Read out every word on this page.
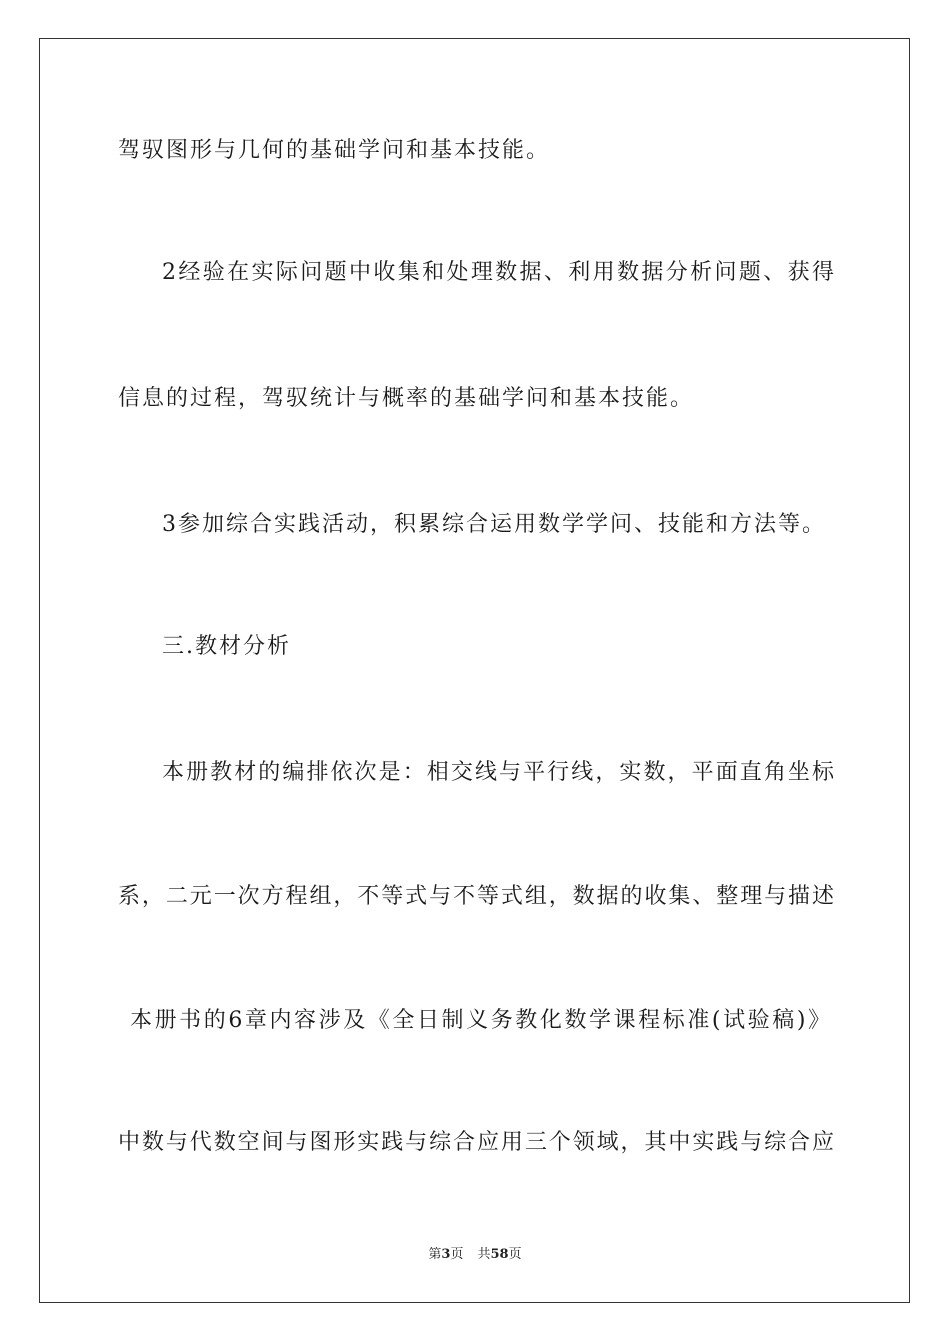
驾驭图形与几何的基础学问和基本技能。
2经验在实际问题中收集和处理数据、利用数据分析问题、获得
信息的过程，驾驭统计与概率的基础学问和基本技能。
3参加综合实践活动，积累综合运用数学学问、技能和方法等。
三.教材分析
本册教材的编排依次是：相交线与平行线，实数，平面直角坐标
系，二元一次方程组，不等式与不等式组，数据的收集、整理与描述
本册书的6章内容涉及《全日制义务教化数学课程标准(试验稿)》
中数与代数空间与图形实践与综合应用三个领域，其中实践与综合应
第3页 共58页
